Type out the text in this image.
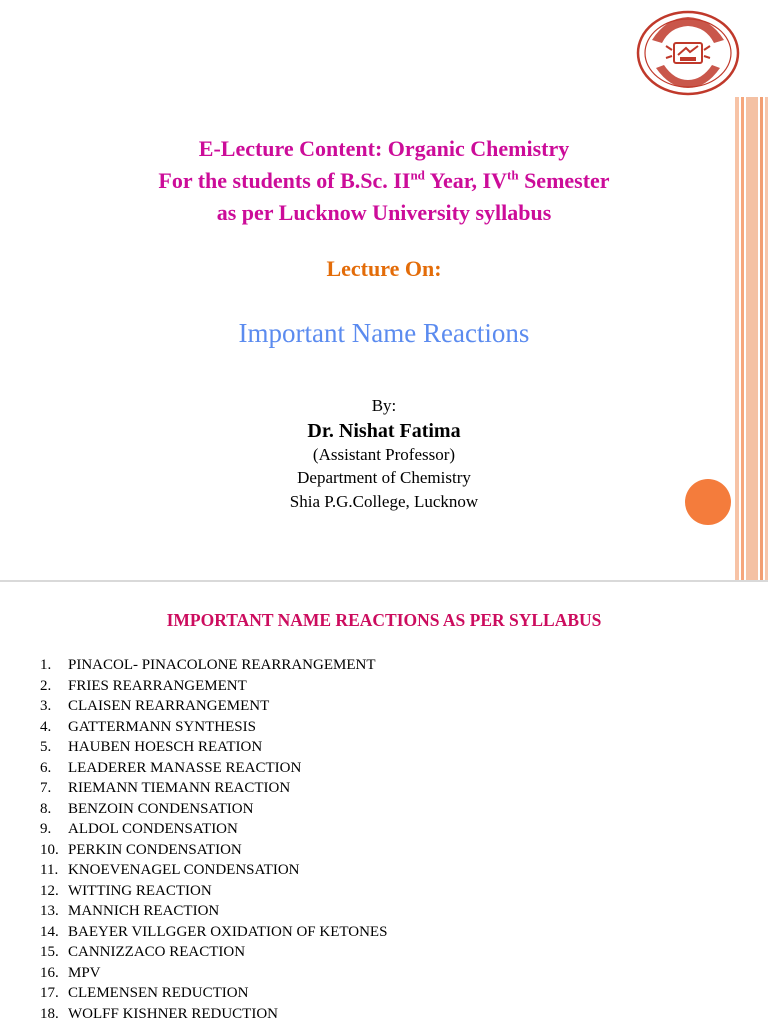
E-Lecture Content: Organic Chemistry
For the students of B.Sc. IInd Year, IVth Semester
as per Lucknow University syllabus
Lecture On:
Important Name Reactions
By:
Dr. Nishat Fatima
(Assistant Professor)
Department of Chemistry
Shia P.G.College, Lucknow
IMPORTANT NAME REACTIONS AS PER SYLLABUS
1. PINACOL- PINACOLONE REARRANGEMENT
2. FRIES REARRANGEMENT
3. CLAISEN REARRANGEMENT
4. GATTERMANN SYNTHESIS
5. HAUBEN HOESCH REATION
6. LEADERER MANASSE REACTION
7. RIEMANN TIEMANN REACTION
8. BENZOIN CONDENSATION
9. ALDOL CONDENSATION
10. PERKIN CONDENSATION
11. KNOEVENAGEL CONDENSATION
12. WITTING REACTION
13. MANNICH REACTION
14. BAEYER VILLGGER OXIDATION OF KETONES
15. CANNIZZACO REACTION
16. MPV
17. CLEMENSEN REDUCTION
18. WOLFF KISHNER REDUCTION
